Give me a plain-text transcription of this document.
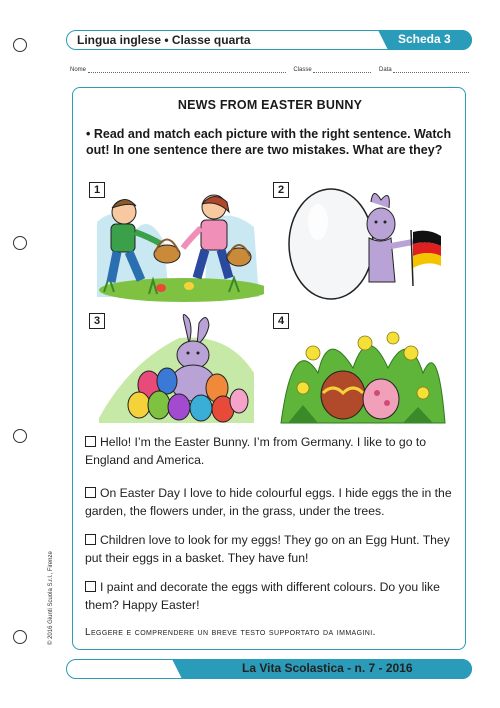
Lingua inglese • Classe quarta	Scheda 3
Nome	Classe	Data
NEWS FROM EASTER BUNNY
• Read and match each picture with the right sentence. Watch out! In one sentence there are two mistakes. What are they?
1	2
3	4
Hello! I’m the Easter Bunny. I’m from Germany. I like to go to England and America.
On Easter Day I love to hide colourful eggs. I hide eggs the in the garden, the flowers under, in the grass, under the trees.
Children love to look for my eggs! They go on an Egg Hunt. They put their eggs in a basket. They have fun!
I paint and decorate the eggs with different colours. Do you like them? Happy Easter!
Leggere e comprendere un breve testo supportato da immagini.
© 2016 Giunti Scuola S.r.l., Firenze
La Vita Scolastica - n. 7 - 2016
